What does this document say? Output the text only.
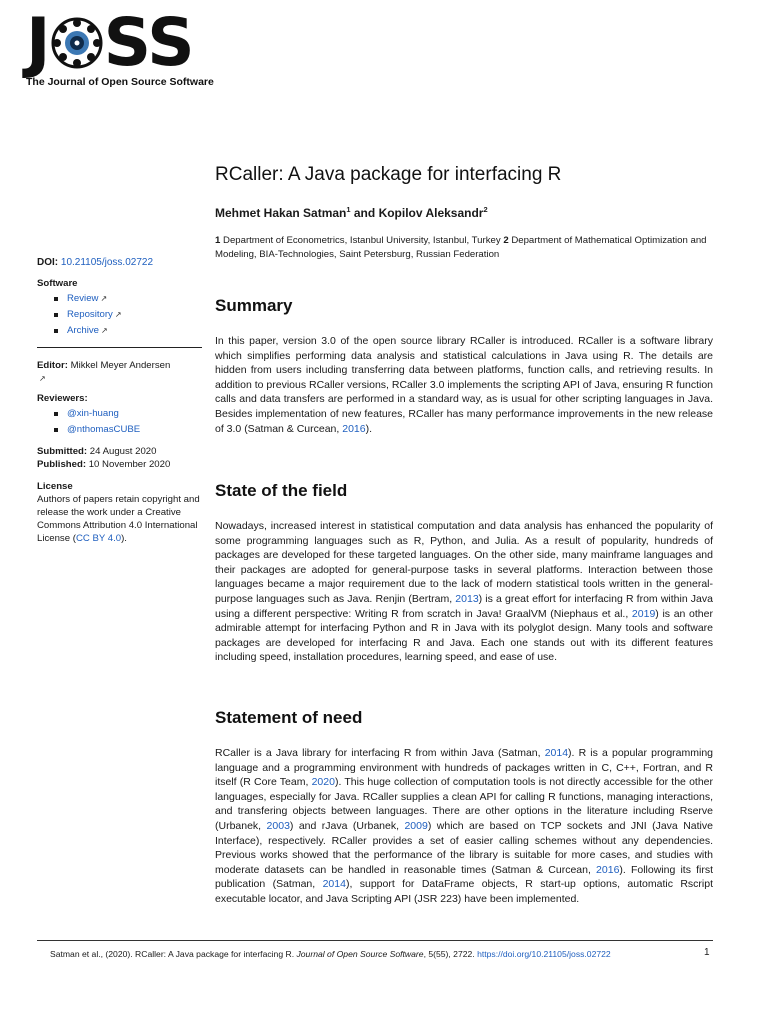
J SS
The Journal of Open Source Software
DOI: 10.21105/joss.02722
Software
Review ↗
Repository ↗
Archive ↗
Editor: Mikkel Meyer Andersen
↗
Reviewers:
@xin-huang
@nthomasCUBE
Submitted: 24 August 2020
Published: 10 November 2020
License
Authors of papers retain copyright and release the work under a Creative Commons Attribution 4.0 International License (CC BY 4.0).
RCaller: A Java package for interfacing R
Mehmet Hakan Satman$^1$ and Kopilov Aleksandr$^2$
1 Department of Econometrics, Istanbul University, Istanbul, Turkey 2 Department of Mathematical Optimization and Modeling, BIA-Technologies, Saint Petersburg, Russian Federation
Summary
In this paper, version 3.0 of the open source library RCaller is introduced. RCaller is a software library which simplifies performing data analysis and statistical calculations in Java using R. The details are hidden from users including transferring data between platforms, function calls, and retrieving results. In addition to previous RCaller versions, RCaller 3.0 implements the scripting API of Java, ensuring R function calls and data transfers are performed in a standard way, as is usual for other scripting languages in Java. Besides implementation of new features, RCaller has many performance improvements in the new release of 3.0 (Satman & Curcean, 2016).
State of the field
Nowadays, increased interest in statistical computation and data analysis has enhanced the popularity of some programming languages such as R, Python, and Julia. As a result of popularity, hundreds of packages are developed for these targeted languages. On the other side, many mainframe languages and their packages are adopted for general-purpose tasks in several platforms. Interaction between those languages became a major requirement due to the lack of modern statistical tools written in the general-purpose languages such as Java. Renjin (Bertram, 2013) is a great effort for interfacing R from within Java using a different perspective: Writing R from scratch in Java! GraalVM (Niephaus et al., 2019) is an other admirable attempt for interfacing Python and R in Java with its polyglot design. Many tools and software packages are developed for interfacing R and Java. Each one stands out with its different features including speed, installation procedures, learning speed, and ease of use.
Statement of need
RCaller is a Java library for interfacing R from within Java (Satman, 2014). R is a popular programming language and a programming environment with hundreds of packages written in C, C++, Fortran, and R itself (R Core Team, 2020). This huge collection of computation tools is not directly accessible for the other languages, especially for Java. RCaller supplies a clean API for calling R functions, managing interactions, and transfering objects between languages. There are other options in the literature including Rserve (Urbanek, 2003) and rJava (Urbanek, 2009) which are based on TCP sockets and JNI (Java Native Interface), respectively. RCaller provides a set of easier calling schemes without any dependencies. Previous works showed that the performance of the library is suitable for more cases, and studies with moderate datasets can be handled in reasonable times (Satman & Curcean, 2016). Following its first publication (Satman, 2014), support for DataFrame objects, R start-up options, automatic Rscript executable locator, and Java Scripting API (JSR 223) have been implemented.
Satman et al., (2020). RCaller: A Java package for interfacing R. Journal of Open Source Software, 5(55), 2722. https://doi.org/10.21105/joss.02722	1
